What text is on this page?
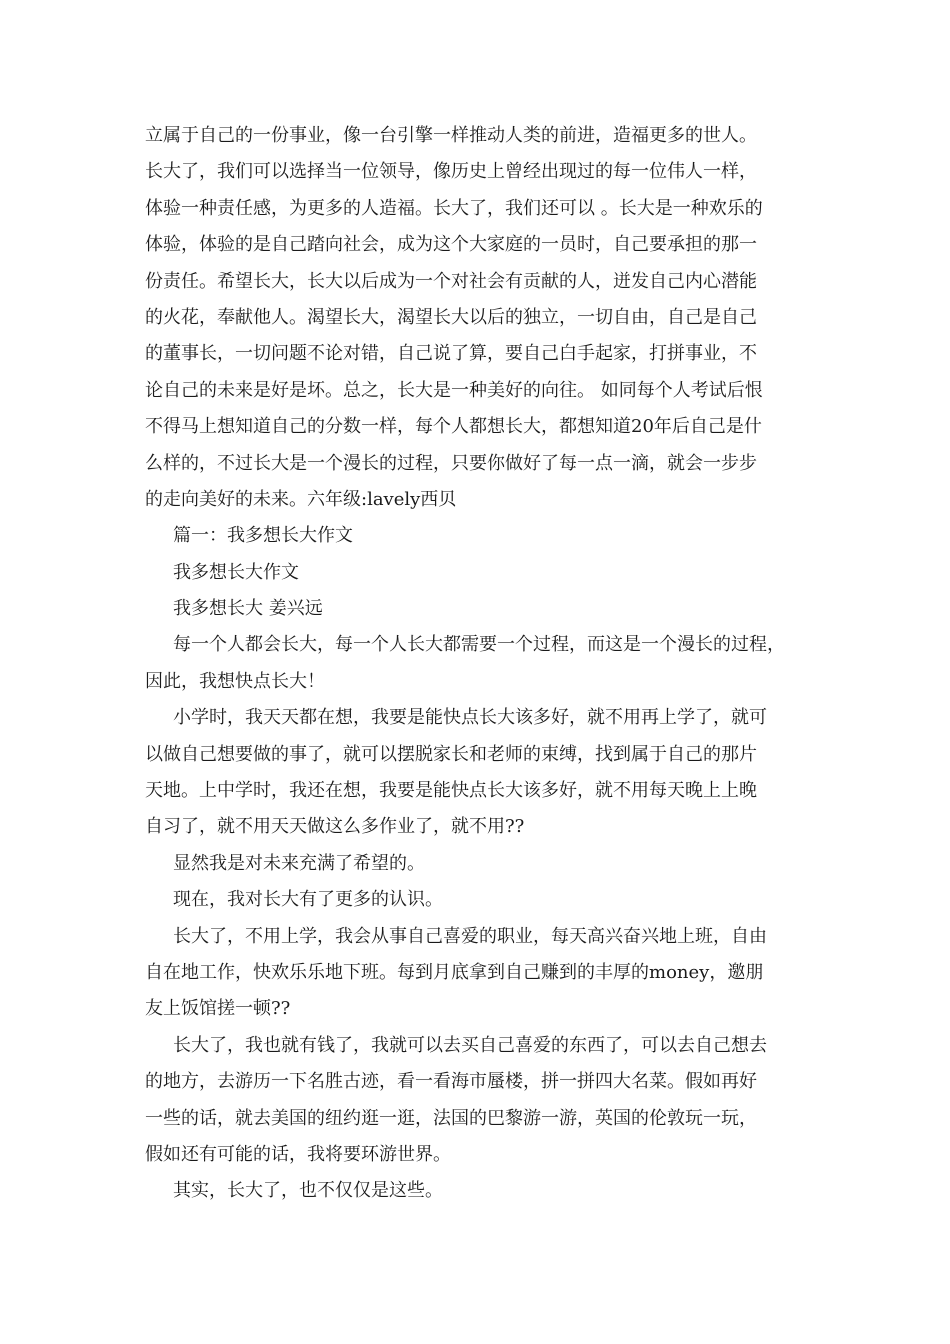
立属于自己的一份事业，像一台引擎一样推动人类的前进，造福更多的世人。
长大了，我们可以选择当一位领导，像历史上曾经出现过的每一位伟人一样，
体验一种责任感，为更多的人造福。长大了，我们还可以 。长大是一种欢乐的
体验，体验的是自己踏向社会，成为这个大家庭的一员时，自己要承担的那一
份责任。希望长大，长大以后成为一个对社会有贡献的人，迸发自己内心潜能
的火花，奉献他人。渴望长大，渴望长大以后的独立，一切自由，自己是自己
的董事长，一切问题不论对错，自己说了算，要自己白手起家，打拼事业，不
论自己的未来是好是坏。总之，长大是一种美好的向往。 如同每个人考试后恨
不得马上想知道自己的分数一样，每个人都想长大，都想知道20年后自己是什
么样的，不过长大是一个漫长的过程，只要你做好了每一点一滴，就会一步步
的走向美好的未来。六年级:lavely西贝
篇一：我多想长大作文
我多想长大作文
我多想长大 姜兴远
每一个人都会长大，每一个人长大都需要一个过程，而这是一个漫长的过程，
因此，我想快点长大！
小学时，我天天都在想，我要是能快点长大该多好，就不用再上学了，就可
以做自己想要做的事了，就可以摆脱家长和老师的束缚，找到属于自己的那片
天地。上中学时，我还在想，我要是能快点长大该多好，就不用每天晚上上晚
自习了，就不用天天做这么多作业了，就不用??
显然我是对未来充满了希望的。
现在，我对长大有了更多的认识。
长大了，不用上学，我会从事自己喜爱的职业，每天高兴奋兴地上班，自由
自在地工作，快欢乐乐地下班。每到月底拿到自己赚到的丰厚的money，邀朋
友上饭馆搓一顿??
长大了，我也就有钱了，我就可以去买自己喜爱的东西了，可以去自己想去
的地方，去游历一下名胜古迹，看一看海市蜃楼，拼一拼四大名菜。假如再好
一些的话，就去美国的纽约逛一逛，法国的巴黎游一游，英国的伦敦玩一玩，
假如还有可能的话，我将要环游世界。
其实，长大了，也不仅仅是这些。
